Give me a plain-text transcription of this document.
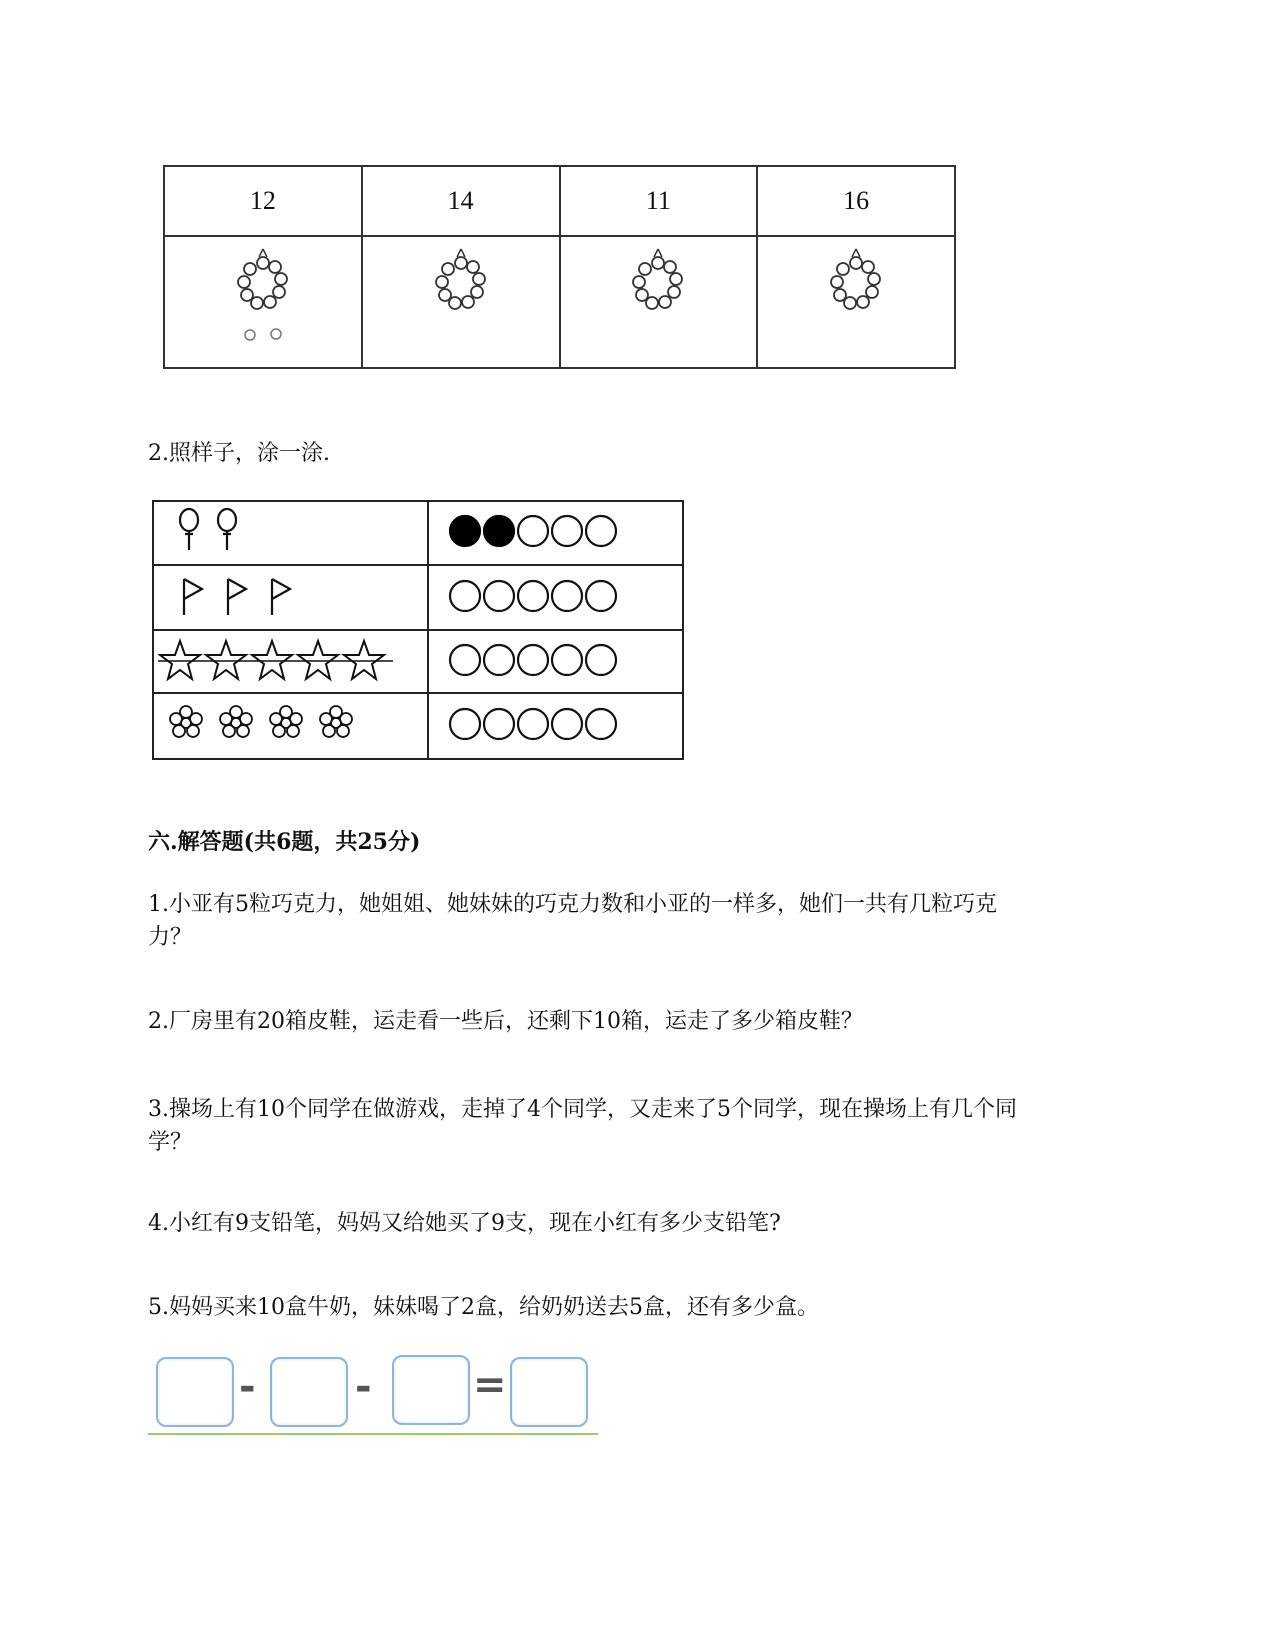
12	14	11	16

2.照样子，涂一涂.

六.解答题(共6题，共25分)
1.小亚有5粒巧克力，她姐姐、她妹妹的巧克力数和小亚的一样多，她们一共有几粒巧克
力？
2.厂房里有20箱皮鞋，运走看一些后，还剩下10箱，运走了多少箱皮鞋？
3.操场上有10个同学在做游戏，走掉了4个同学，又走来了5个同学，现在操场上有几个同
学？
4.小红有9支铅笔，妈妈又给她买了9支，现在小红有多少支铅笔?
5.妈妈买来10盒牛奶，妹妹喝了2盒，给奶奶送去5盒，还有多少盒。
- -	=
